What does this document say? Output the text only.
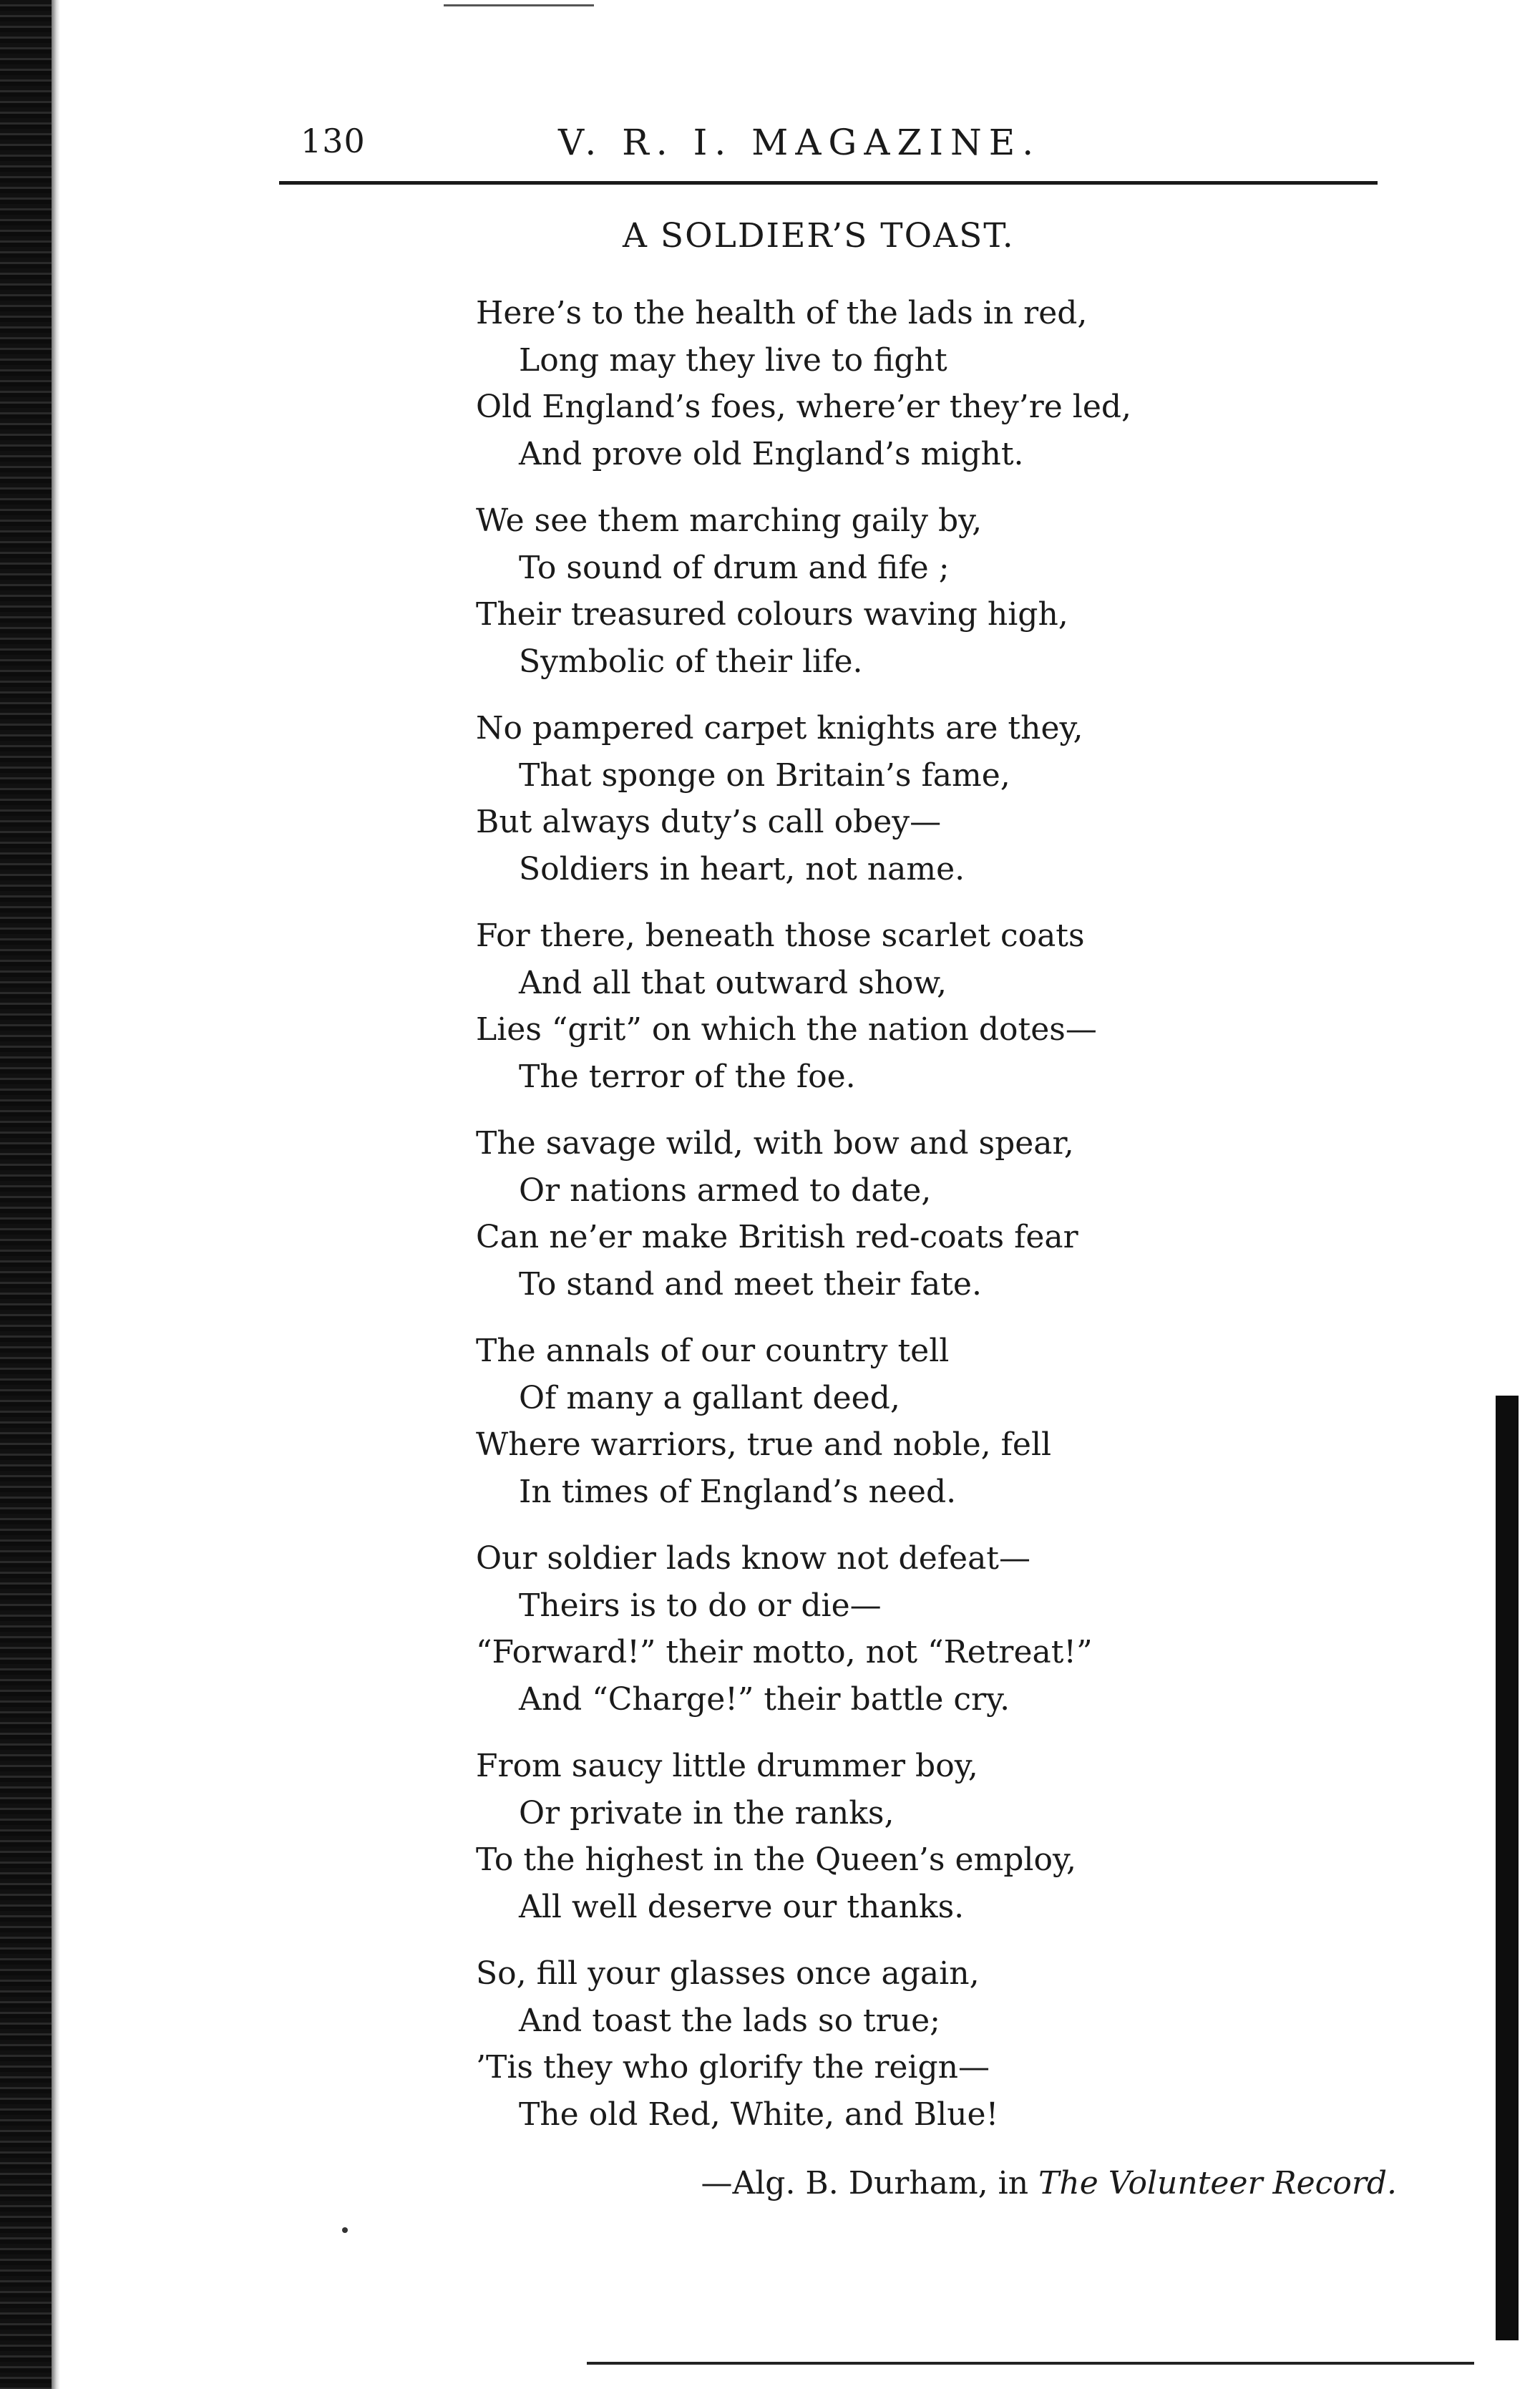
130	V. R. I. MAGAZINE.
A SOLDIER’S TOAST.
Here’s to the health of the lads in red,
Long may they live to fight
Old England’s foes, where’er they’re led,
And prove old England’s might.
We see them marching gaily by,
To sound of drum and fife ;
Their treasured colours waving high,
Symbolic of their life.
No pampered carpet knights are they,
That sponge on Britain’s fame,
But always duty’s call obey—
Soldiers in heart, not name.
For there, beneath those scarlet coats
And all that outward show,
Lies “grit” on which the nation dotes—
The terror of the foe.
The savage wild, with bow and spear,
Or nations armed to date,
Can ne’er make British red-coats fear
To stand and meet their fate.
The annals of our country tell
Of many a gallant deed,
Where warriors, true and noble, fell
In times of England’s need.
Our soldier lads know not defeat—
Theirs is to do or die—
“Forward!” their motto, not “Retreat!”
And “Charge!” their battle cry.
From saucy little drummer boy,
Or private in the ranks,
To the highest in the Queen’s employ,
All well deserve our thanks.
So, fill your glasses once again,
And toast the lads so true;
’Tis they who glorify the reign—
The old Red, White, and Blue!
—Alg. B. Durham, in The Volunteer Record.
